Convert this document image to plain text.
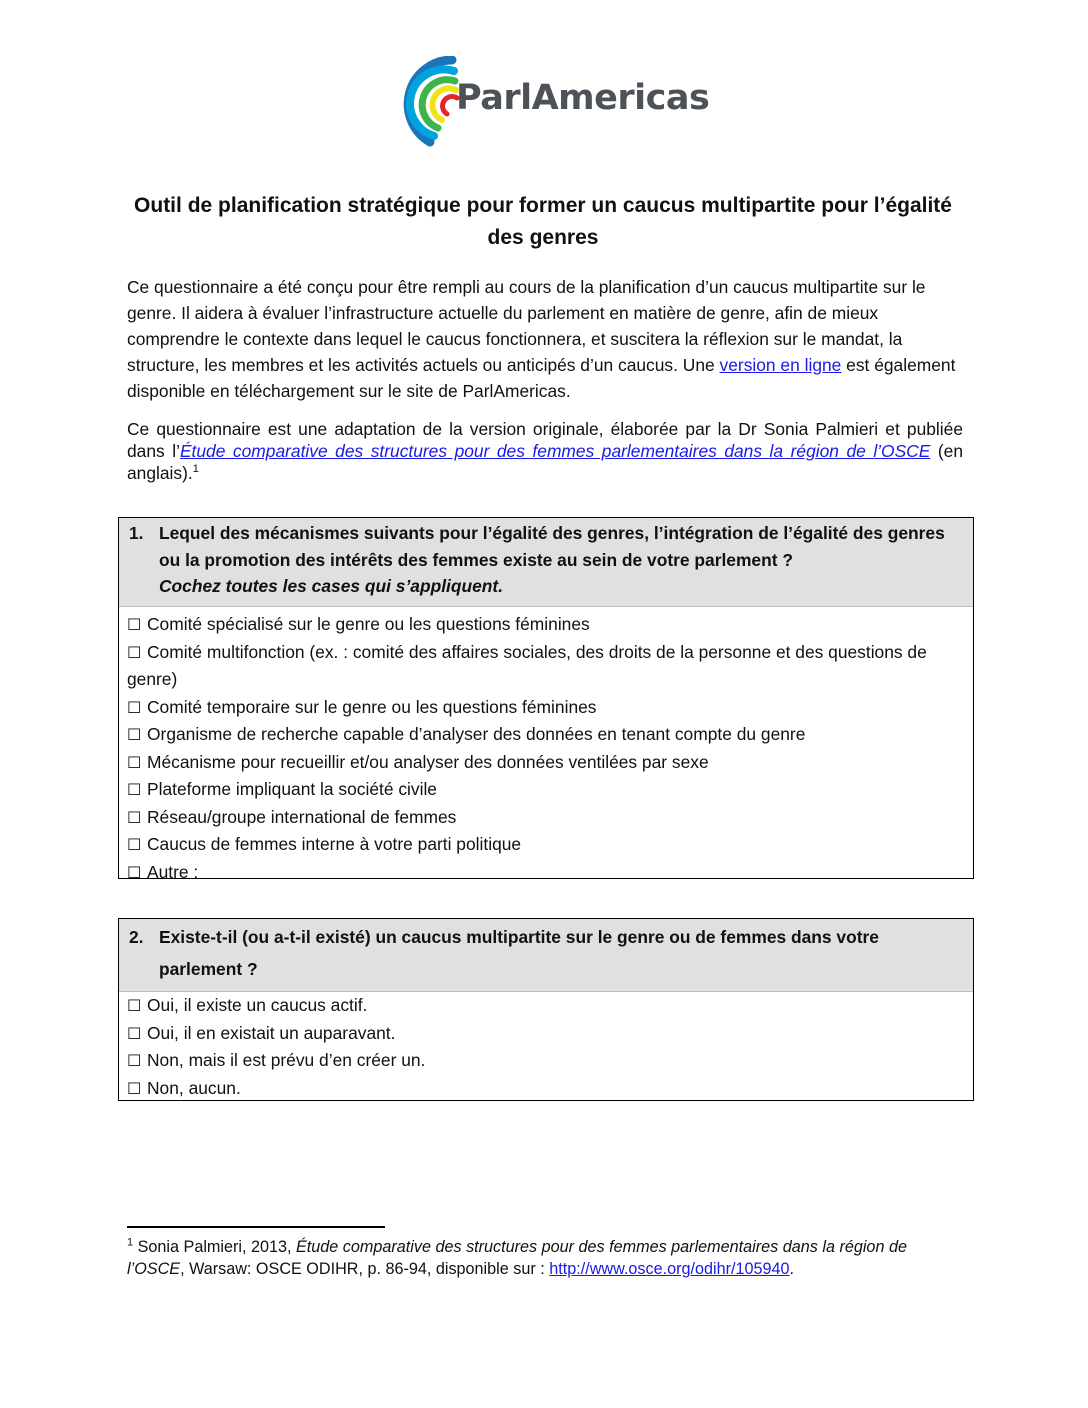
ParlAmericas
Outil de planification stratégique pour former un caucus multipartite pour l’égalité des genres

Ce questionnaire a été conçu pour être rempli au cours de la planification d’un caucus multipartite sur le genre. Il aidera à évaluer l’infrastructure actuelle du parlement en matière de genre, afin de mieux comprendre le contexte dans lequel le caucus fonctionnera, et suscitera la réflexion sur le mandat, la structure, les membres et les activités actuels ou anticipés d’un caucus. Une version en ligne est également disponible en téléchargement sur le site de ParlAmericas.

Ce questionnaire est une adaptation de la version originale, élaborée par la Dr Sonia Palmieri et publiée dans l’Étude comparative des structures pour des femmes parlementaires dans la région de l’OSCE (en anglais).$^1$

1. Lequel des mécanismes suivants pour l’égalité des genres, l’intégration de l’égalité des genres ou la promotion des intérêts des femmes existe au sein de votre parlement ?
Cochez toutes les cases qui s’appliquent.
☐ Comité spécialisé sur le genre ou les questions féminines
☐ Comité multifonction (ex. : comité des affaires sociales, des droits de la personne et des questions de genre)
☐ Comité temporaire sur le genre ou les questions féminines
☐ Organisme de recherche capable d’analyser des données en tenant compte du genre
☐ Mécanisme pour recueillir et/ou analyser des données ventilées par sexe
☐ Plateforme impliquant la société civile
☐ Réseau/groupe international de femmes
☐ Caucus de femmes interne à votre parti politique
☐ Autre :
2. Existe-t-il (ou a-t-il existé) un caucus multipartite sur le genre ou de femmes dans votre parlement ?
☐ Oui, il existe un caucus actif.
☐ Oui, il en existait un auparavant.
☐ Non, mais il est prévu d’en créer un.
☐ Non, aucun.

$^1$ Sonia Palmieri, 2013, Étude comparative des structures pour des femmes parlementaires dans la région de l’OSCE, Warsaw: OSCE ODIHR, p. 86-94, disponible sur : http://www.osce.org/odihr/105940.
